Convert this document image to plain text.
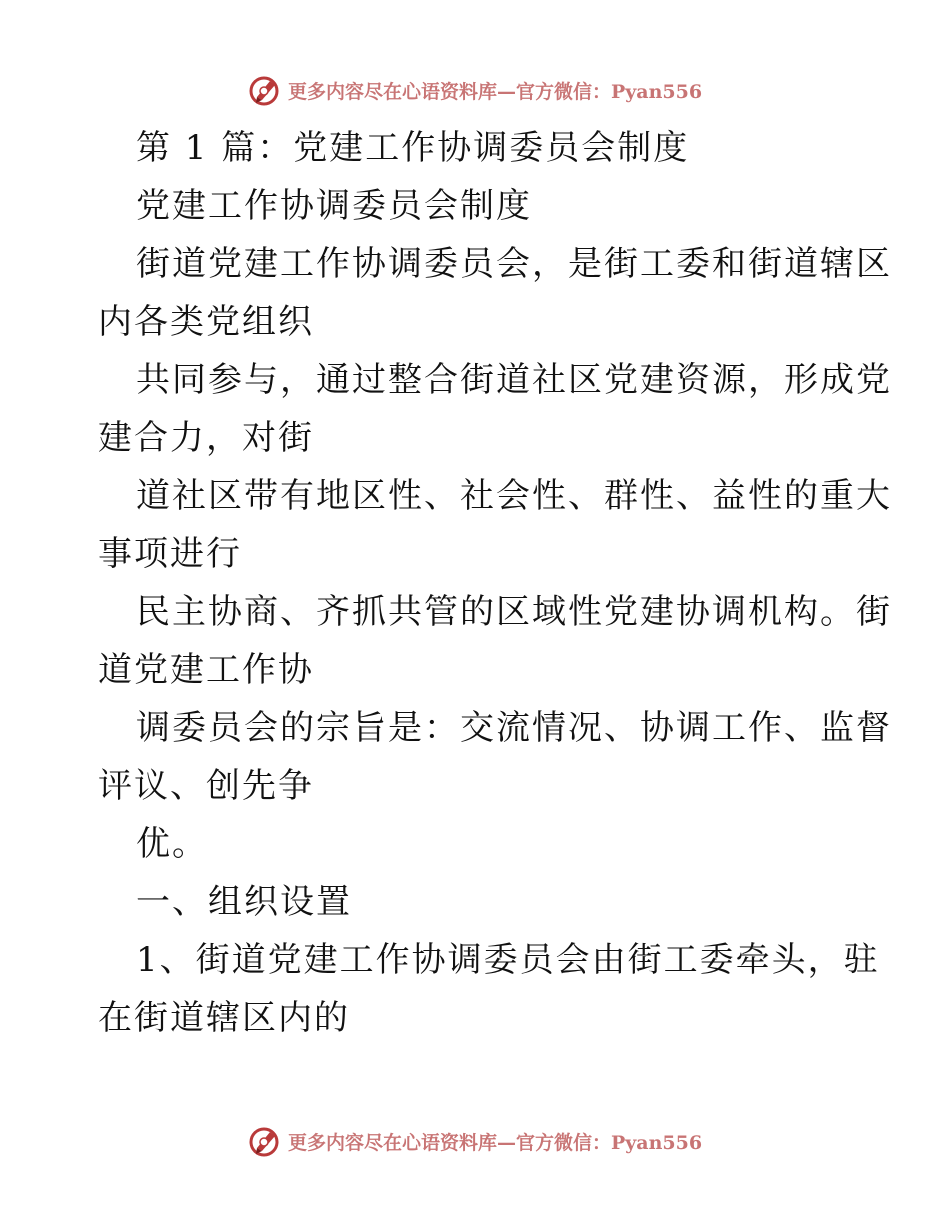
更多内容尽在心语资料库—官方微信：Pyan556
第 1 篇：党建工作协调委员会制度
党建工作协调委员会制度
街道党建工作协调委员会，是街工委和街道辖区
内各类党组织
共同参与，通过整合街道社区党建资源，形成党
建合力，对街
道社区带有地区性、社会性、群性、益性的重大
事项进行
民主协商、齐抓共管的区域性党建协调机构。街
道党建工作协
调委员会的宗旨是：交流情况、协调工作、监督
评议、创先争
优。
一、组织设置
1、街道党建工作协调委员会由街工委牵头，驻
在街道辖区内的
更多内容尽在心语资料库—官方微信：Pyan556
